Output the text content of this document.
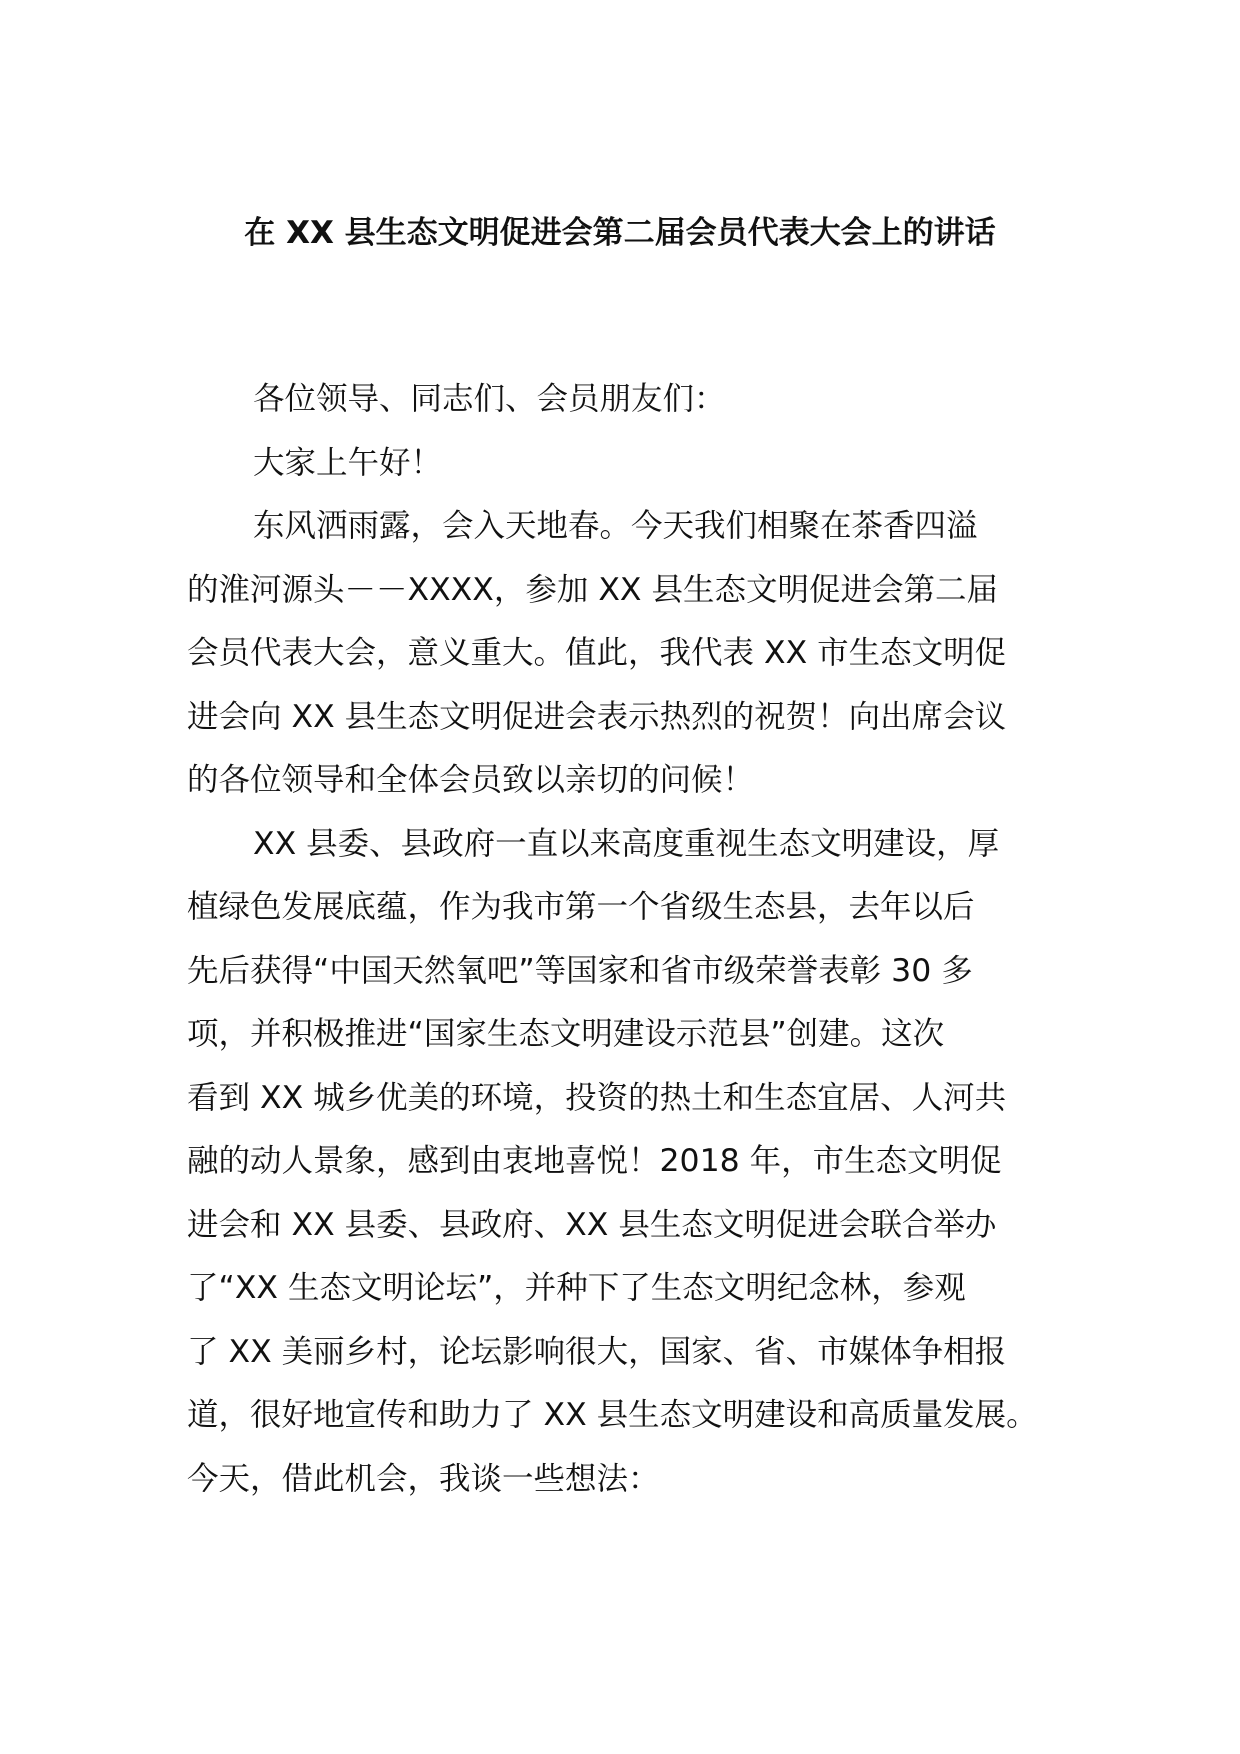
在 XX 县生态文明促进会第二届会员代表大会上的讲话
各位领导、同志们、会员朋友们：
大家上午好！
东风洒雨露，会入天地春。今天我们相聚在茶香四溢
的淮河源头－－XXXX，参加 XX 县生态文明促进会第二届
会员代表大会，意义重大。值此，我代表 XX 市生态文明促
进会向 XX 县生态文明促进会表示热烈的祝贺！向出席会议
的各位领导和全体会员致以亲切的问候！
XX 县委、县政府一直以来高度重视生态文明建设，厚
植绿色发展底蕴，作为我市第一个省级生态县，去年以后
先后获得“中国天然氧吧”等国家和省市级荣誉表彰 30 多
项，并积极推进“国家生态文明建设示范县”创建。这次
看到 XX 城乡优美的环境，投资的热土和生态宜居、人河共
融的动人景象，感到由衷地喜悦！2018 年，市生态文明促
进会和 XX 县委、县政府、XX 县生态文明促进会联合举办
了“XX 生态文明论坛”，并种下了生态文明纪念林，参观
了 XX 美丽乡村，论坛影响很大，国家、省、市媒体争相报
道，很好地宣传和助力了 XX 县生态文明建设和高质量发展。
今天，借此机会，我谈一些想法：
